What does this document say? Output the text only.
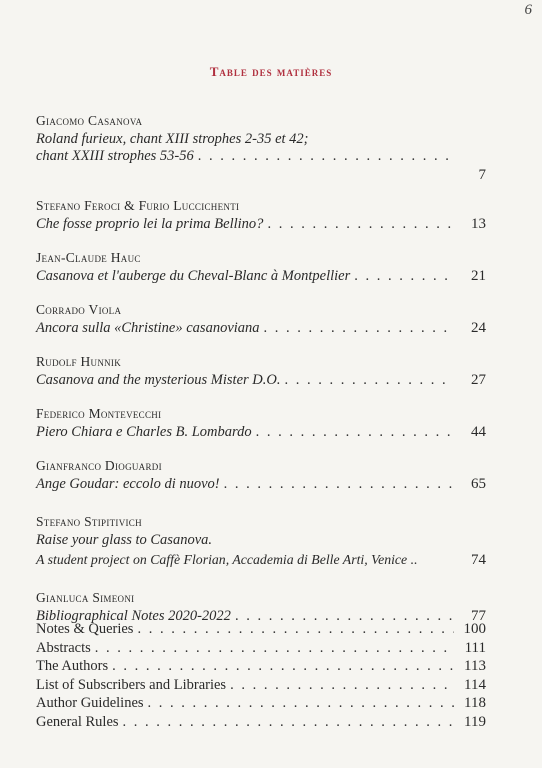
6
Table des matières
Giacomo Casanova
Roland furieux, chant XIII strophes 2-35 et 42;
chant XXIII strophes 53-56
. . .
7
Stefano Feroci & Furio Luccichenti
Che fosse proprio lei la prima Bellino? . . .	13
Jean-Claude Hauc
Casanova et l'auberge du Cheval-Blanc à Montpellier . . .	21
Corrado Viola
Ancora sulla «Christine» casanoviana . . .	24
Rudolf Hunnik
Casanova and the mysterious Mister D.O. . . .	27
Federico Montevecchi
Piero Chiara e Charles B. Lombardo . . .	44
Gianfranco Dioguardi
Ange Goudar: eccolo di nuovo! . . .	65
Stefano Stipitivich
Raise your glass to Casanova.
A student project on Caffè Florian, Accademia di Belle Arti, Venice ..	74
Gianluca Simeoni
Bibliographical Notes 2020-2022 . . .	77
Notes & Queries . . .	100
Abstracts . . .	111
The Authors . . .	113
List of Subscribers and Libraries . . .	114
Author Guidelines . . .	118
General Rules . . .	119
